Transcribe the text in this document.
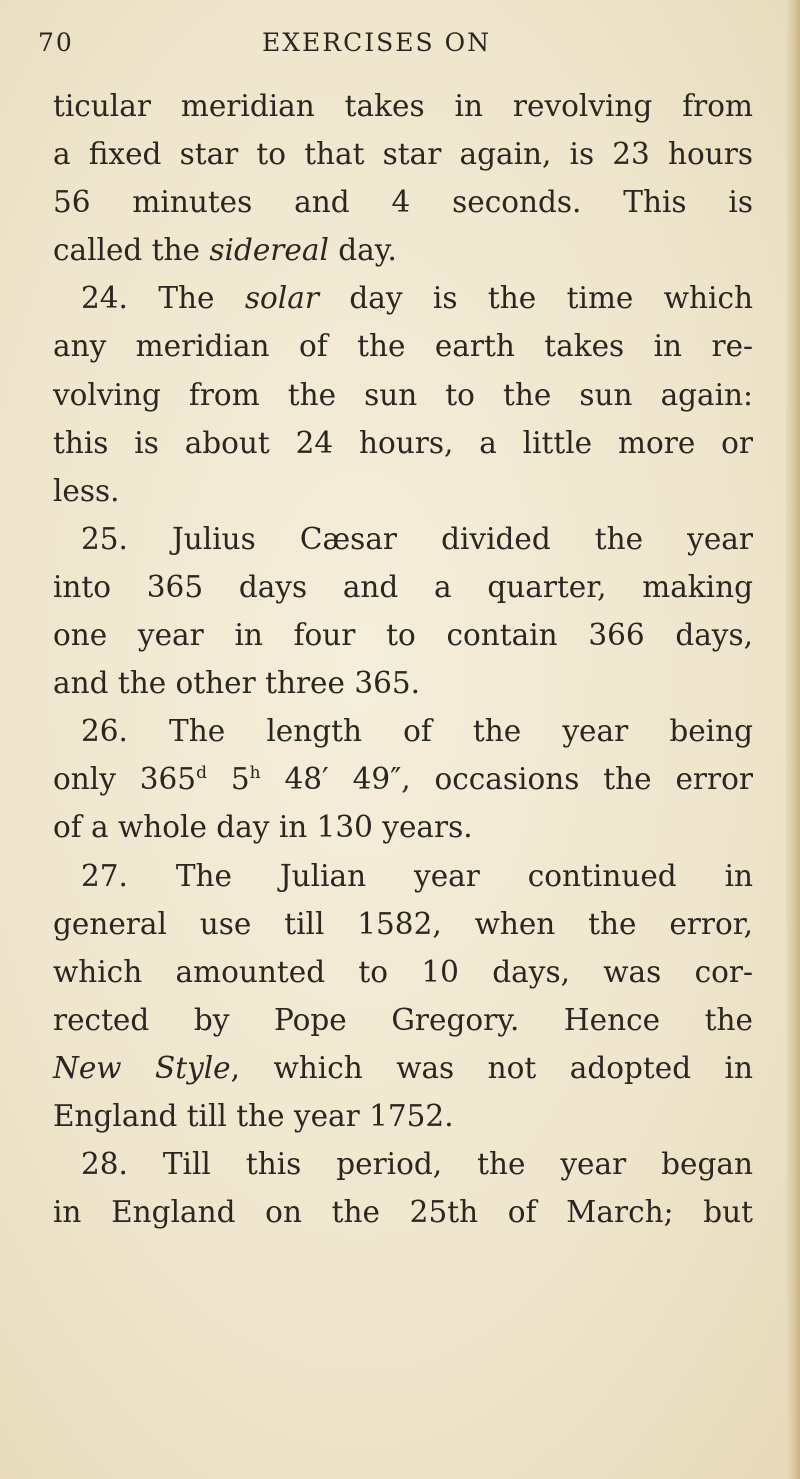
70	EXERCISES ON
ticular meridian takes in revolving from
a fixed star to that star again, is 23 hours
56 minutes and 4 seconds. This is
called the sidereal day.
24. The solar day is the time which
any meridian of the earth takes in re-
volving from the sun to the sun again:
this is about 24 hours, a little more or
less.
25. Julius Cæsar divided the year
into 365 days and a quarter, making
one year in four to contain 366 days,
and the other three 365.
26. The length of the year being
only 365$^d$ 5$^h$ 48′ 49″, occasions the error
of a whole day in 130 years.
27. The Julian year continued in
general use till 1582, when the error,
which amounted to 10 days, was cor-
rected by Pope Gregory. Hence the
New Style, which was not adopted in
England till the year 1752.
28. Till this period, the year began
in England on the 25th of March; but
